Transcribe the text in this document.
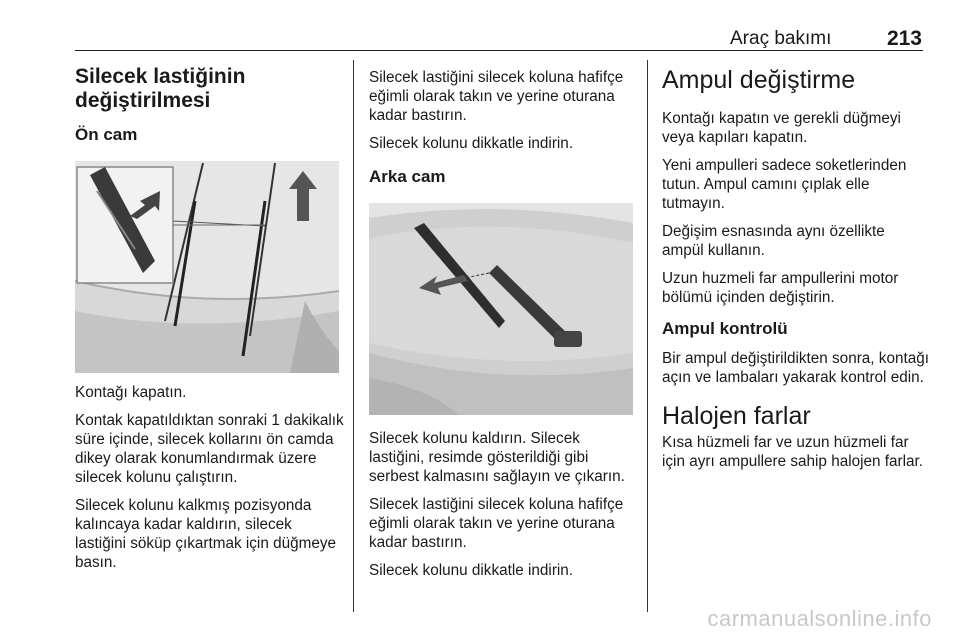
Araç bakımı	213
Silecek lastiğinin değiştirilmesi
Ön cam

Kontağı kapatın.

Kontak kapatıldıktan sonraki 1 dakikalık süre içinde, silecek kollarını ön camda dikey olarak konumlandırmak üzere silecek kolunu çalıştırın.

Silecek kolunu kalkmış pozisyonda kalıncaya kadar kaldırın, silecek lastiğini söküp çıkartmak için düğmeye basın.

Silecek lastiğini silecek koluna hafifçe eğimli olarak takın ve yerine oturana kadar bastırın.

Silecek kolunu dikkatle indirin.

Arka cam

Silecek kolunu kaldırın. Silecek lastiğini, resimde gösterildiği gibi serbest kalmasını sağlayın ve çıkarın.

Silecek lastiğini silecek koluna hafifçe eğimli olarak takın ve yerine oturana kadar bastırın.

Silecek kolunu dikkatle indirin.

Ampul değiştirme

Kontağı kapatın ve gerekli düğmeyi veya kapıları kapatın.

Yeni ampulleri sadece soketlerinden tutun. Ampul camını çıplak elle tutmayın.

Değişim esnasında aynı özellikte ampül kullanın.

Uzun huzmeli far ampullerini motor bölümü içinden değiştirin.

Ampul kontrolü

Bir ampul değiştirildikten sonra, kontağı açın ve lambaları yakarak kontrol edin.

Halojen farlar

Kısa hüzmeli far ve uzun hüzmeli far için ayrı ampullere sahip halojen farlar.

carmanualsonline.info
